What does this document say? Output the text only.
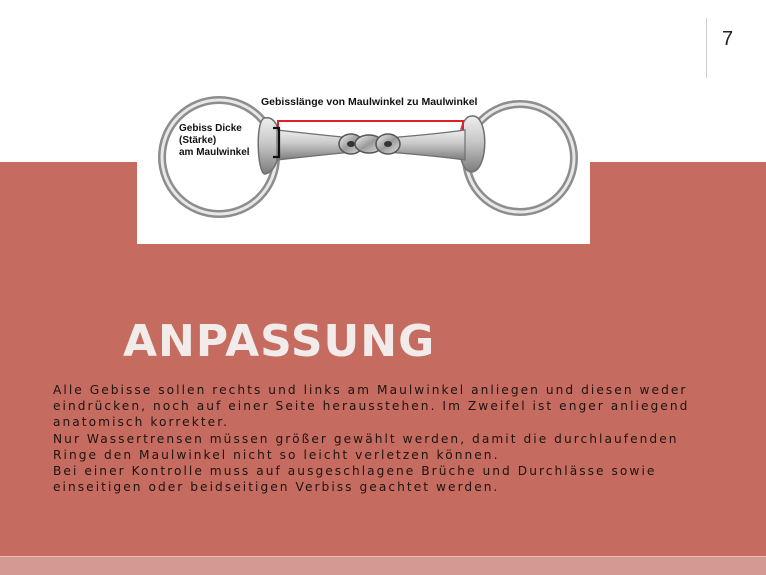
7
Gebisslänge von Maulwinkel zu Maulwinkel
Gebiss Dicke
(Stärke)
am Maulwinkel
ANPASSUNG

Alle Gebisse sollen rechts und links am Maulwinkel anliegen und diesen weder eindrücken, noch auf einer Seite herausstehen. Im Zweifel ist enger anliegend anatomisch korrekter.

Nur Wassertrensen müssen größer gewählt werden, damit die durchlaufenden Ringe den Maulwinkel nicht so leicht verletzen können.

Bei einer Kontrolle muss auf ausgeschlagene Brüche und Durchlässe sowie einseitigen oder beidseitigen Verbiss geachtet werden.
